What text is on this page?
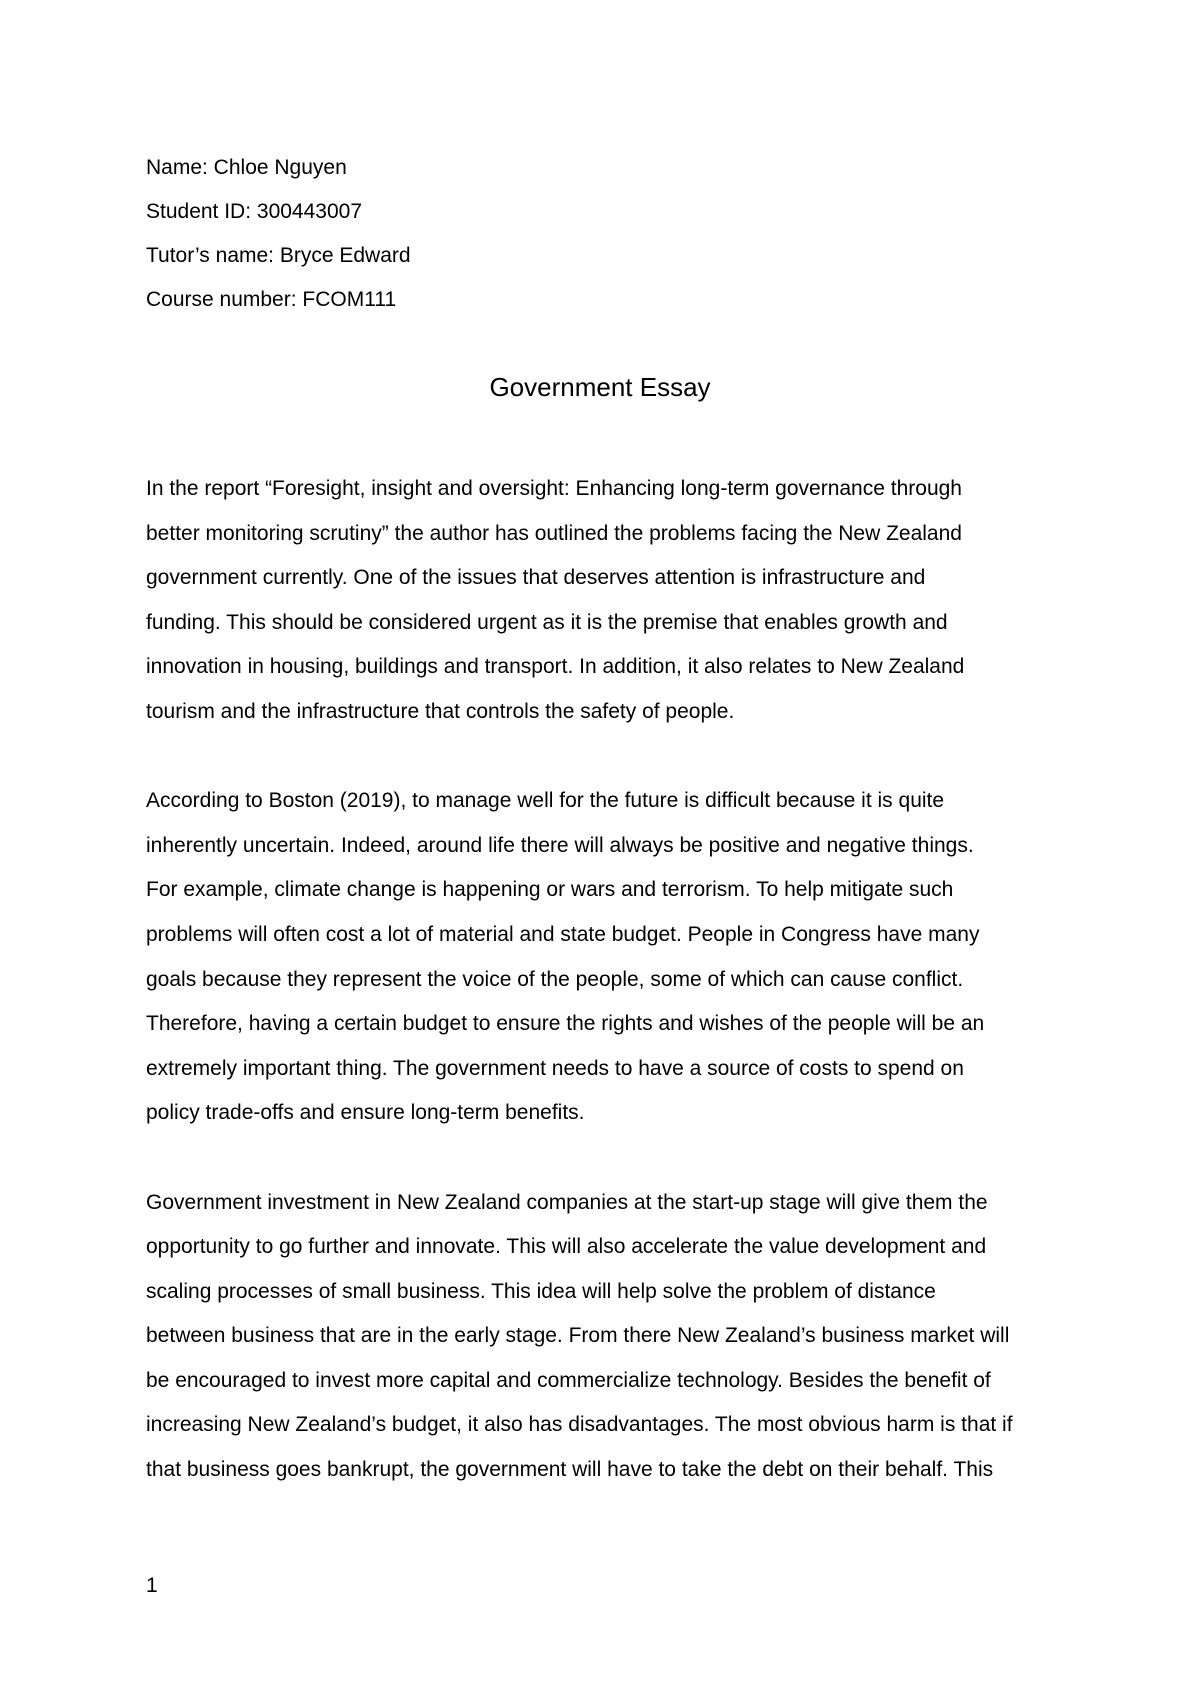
Name: Chloe Nguyen
Student ID: 300443007
Tutor’s name: Bryce Edward
Course number: FCOM111
Government Essay
In the report “Foresight, insight and oversight: Enhancing long-term governance through
better monitoring scrutiny” the author has outlined the problems facing the New Zealand
government currently. One of the issues that deserves attention is infrastructure and
funding. This should be considered urgent as it is the premise that enables growth and
innovation in housing, buildings and transport. In addition, it also relates to New Zealand
tourism and the infrastructure that controls the safety of people.
According to Boston (2019), to manage well for the future is difficult because it is quite
inherently uncertain. Indeed, around life there will always be positive and negative things.
For example, climate change is happening or wars and terrorism. To help mitigate such
problems will often cost a lot of material and state budget. People in Congress have many
goals because they represent the voice of the people, some of which can cause conflict.
Therefore, having a certain budget to ensure the rights and wishes of the people will be an
extremely important thing. The government needs to have a source of costs to spend on
policy trade-offs and ensure long-term benefits.
Government investment in New Zealand companies at the start-up stage will give them the
opportunity to go further and innovate. This will also accelerate the value development and
scaling processes of small business. This idea will help solve the problem of distance
between business that are in the early stage. From there New Zealand’s business market will
be encouraged to invest more capital and commercialize technology. Besides the benefit of
increasing New Zealand’s budget, it also has disadvantages. The most obvious harm is that if
that business goes bankrupt, the government will have to take the debt on their behalf. This
1
